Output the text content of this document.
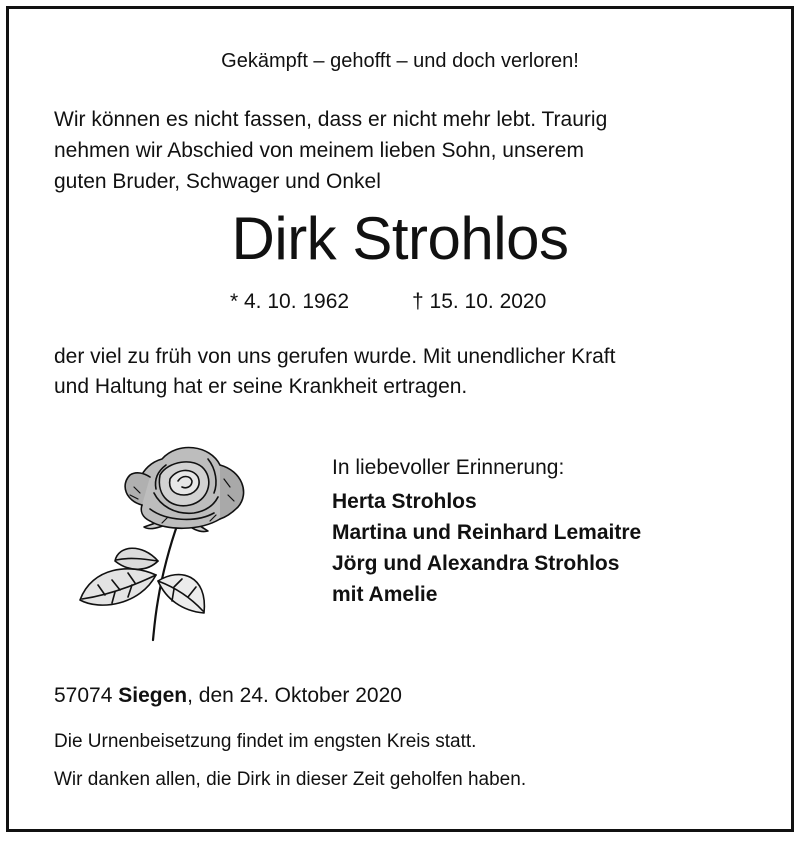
Gekämpft – gehofft – und doch verloren!

Wir können es nicht fassen, dass er nicht mehr lebt. Traurig
nehmen wir Abschied von meinem lieben Sohn, unserem
guten Bruder, Schwager und Onkel

Dirk Strohlos

* 4. 10. 1962	† 15. 10. 2020

der viel zu früh von uns gerufen wurde. Mit unendlicher Kraft
und Haltung hat er seine Krankheit ertragen.

In liebevoller Erinnerung:
Herta Strohlos
Martina und Reinhard Lemaitre
Jörg und Alexandra Strohlos
mit Amelie

57074 Siegen, den 24. Oktober 2020

Die Urnenbeisetzung findet im engsten Kreis statt.

Wir danken allen, die Dirk in dieser Zeit geholfen haben.
